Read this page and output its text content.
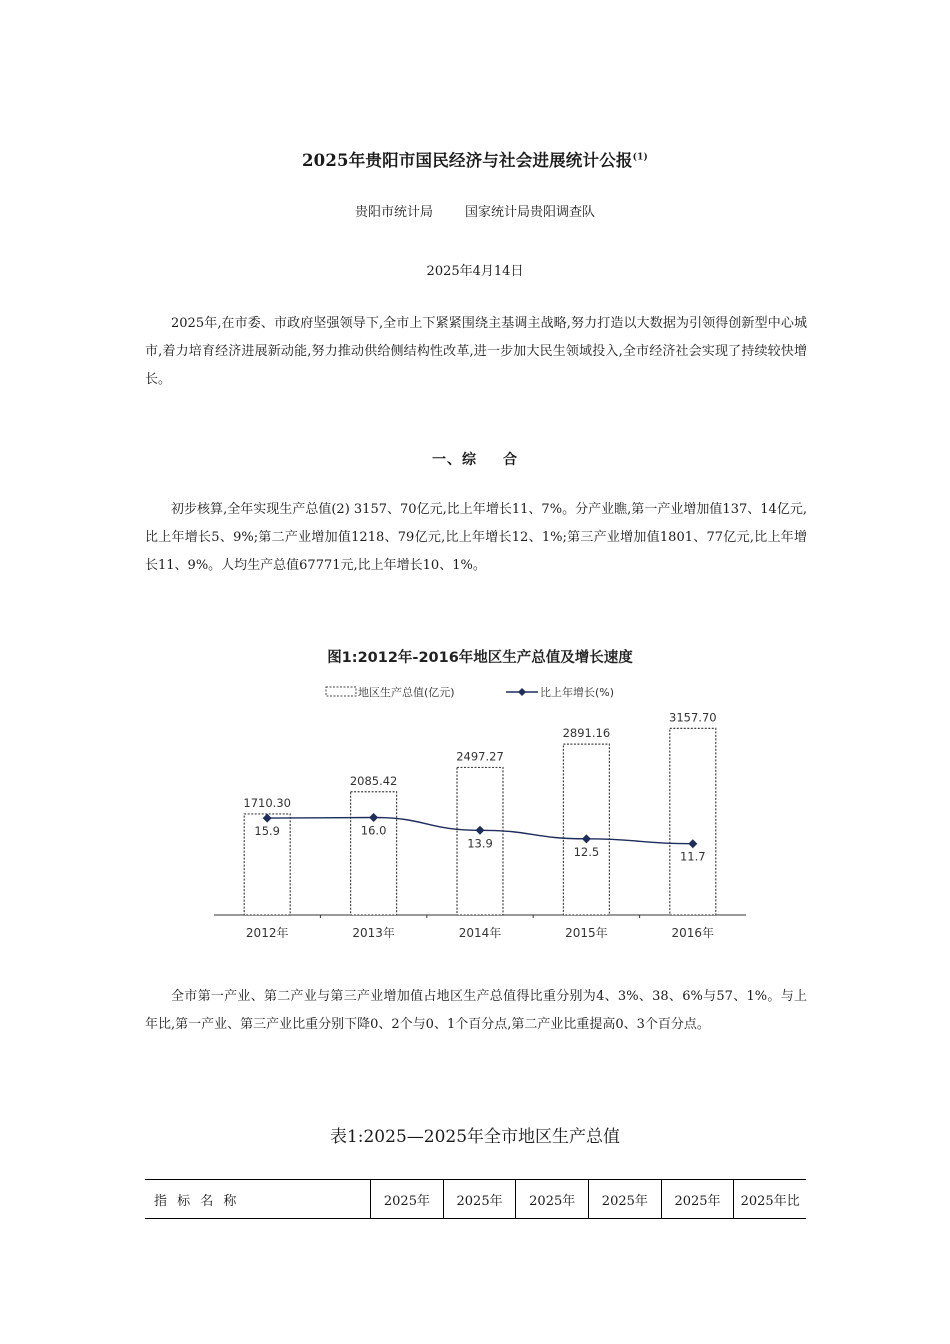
2025年贵阳市国民经济与社会进展统计公报$^{(1)}$
贵阳市统计局 国家统计局贵阳调查队
2025年4月14日

2025年,在市委、市政府坚强领导下,全市上下紧紧围绕主基调主战略,努力打造以大数据为引领得创新型中心城市,着力培育经济进展新动能,努力推动供给侧结构性改革,进一步加大民生领域投入,全市经济社会实现了持续较快增长。

一、综 合

初步核算,全年实现生产总值(2) 3157、70亿元,比上年增长11、7%。分产业瞧,第一产业增加值137、14亿元,比上年增长5、9%;第二产业增加值1218、79亿元,比上年增长12、1%;第三产业增加值1801、77亿元,比上年增长11、9%。人均生产总值67771元,比上年增长10、1%。

图1:2012年-2016年地区生产总值及增长速度
地区生产总值(亿元)	比上年增长(%)
1710.30
2012年
2085.42
2013年
2497.27
2014年
2891.16
2015年
3157.70
2016年
15.9	16.0
13.9
12.5	11.7

全市第一产业、第二产业与第三产业增加值占地区生产总值得比重分别为4、3%、38、6%与57、1%。与上年比,第一产业、第三产业比重分别下降0、2个与0、1个百分点,第二产业比重提高0、3个百分点。

表1:2025—2025年全市地区生产总值
指 标 名 称	2025年	2025年	2025年	2025年	2025年	2025年比
